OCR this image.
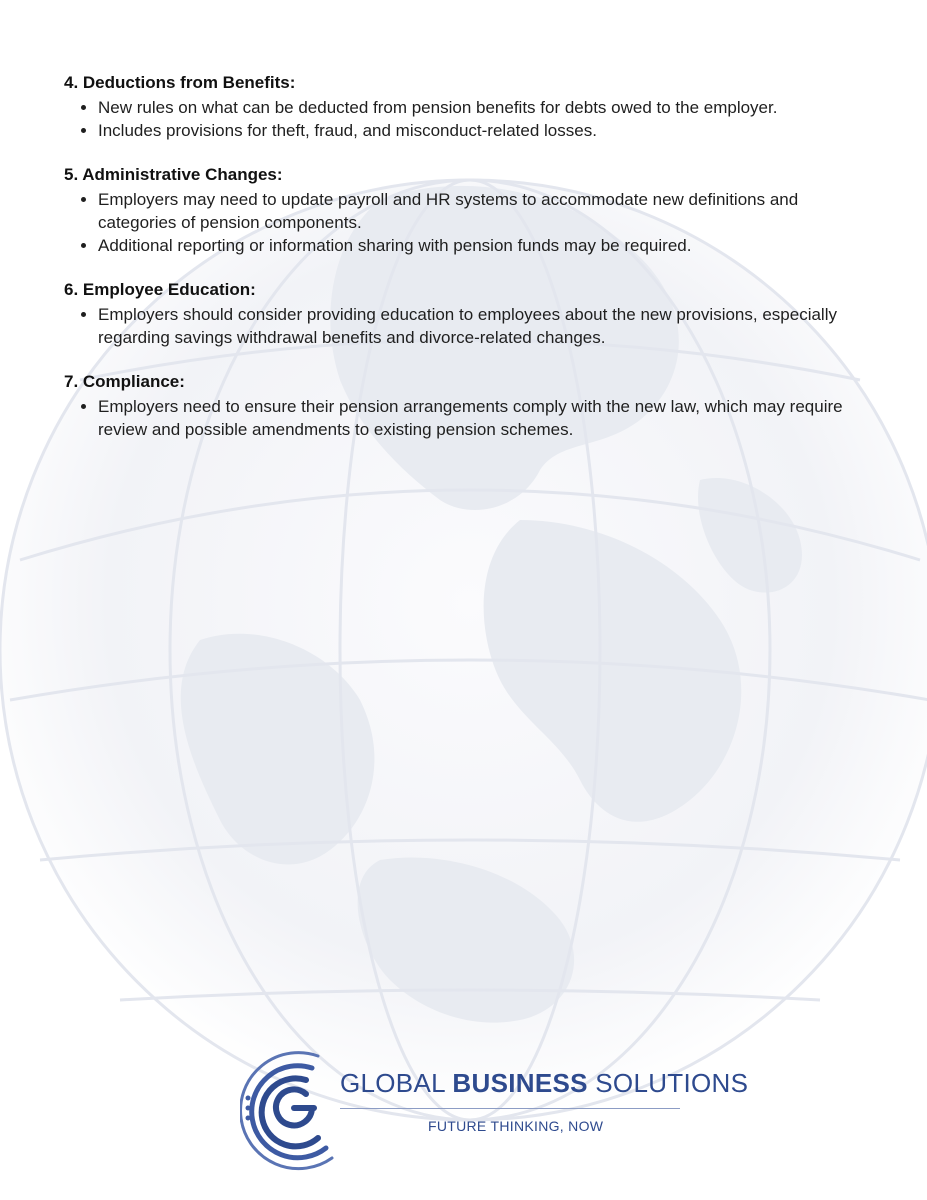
4. Deductions from Benefits:
• New rules on what can be deducted from pension benefits for debts owed to the employer.
• Includes provisions for theft, fraud, and misconduct-related losses.
5. Administrative Changes:
• Employers may need to update payroll and HR systems to accommodate new definitions and categories of pension components.
• Additional reporting or information sharing with pension funds may be required.
6. Employee Education:
• Employers should consider providing education to employees about the new provisions, especially regarding savings withdrawal benefits and divorce-related changes.
7. Compliance:
• Employers need to ensure their pension arrangements comply with the new law, which may require review and possible amendments to existing pension schemes.
GLOBAL BUSINESS SOLUTIONS
FUTURE THINKING, NOW
